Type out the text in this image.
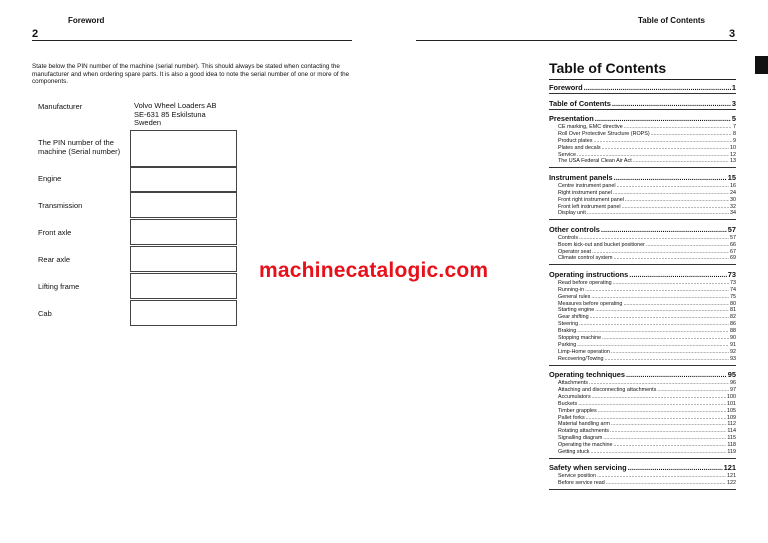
Foreword
2
State below the PIN number of the machine (serial number). This should always be stated when contacting the manufacturer and when ordering spare parts. It is also a good idea to note the serial number of one or more of the components.
Manufacturer	Volvo Wheel Loaders AB
SE-631 85 Eskilstuna
Sweden
The PIN number of the machine (Serial number)
Engine
Transmission
Front axle
Rear axle
Lifting frame
Cab
Table of Contents
3
Table of Contents
Foreword .....	1
Table of Contents .....	3
Presentation .....	5
CE marking, EMC directive .....	7
Roll Over Protective Structure (ROPS) .....	8
Product plates .....	9
Plates and decals .....	10
Service .....	12
The USA Federal Clean Air Act .....	13
Instrument panels .....	15
Centre instrument panel .....	16
Right instrument panel .....	24
Front right instrument panel .....	30
Front left instrument panel .....	32
Display unit .....	34
Other controls .....	57
Controls .....	57
Boom kick-out and bucket positioner .....	66
Operator seat .....	67
Climate control system .....	69
Operating instructions .....	73
Read before operating .....	73
Running-in .....	74
General rules .....	75
Measures before operating .....	80
Starting engine .....	81
Gear shifting .....	82
Steering .....	86
Braking .....	88
Stopping machine .....	90
Parking .....	91
Limp-Home operation .....	92
Recovering/Towing .....	93
Operating techniques .....	95
Attachments .....	96
Attaching and disconnecting attachments .....	97
Accumulators .....	100
Buckets .....	101
Timber grapples .....	105
Pallet forks .....	109
Material handling arm .....	112
Rotating attachments .....	114
Signalling diagram .....	115
Operating the machine .....	118
Getting stuck .....	119
Safety when servicing .....	121
Service position .....	121
Before service read .....	122
machinecatalogic.com
